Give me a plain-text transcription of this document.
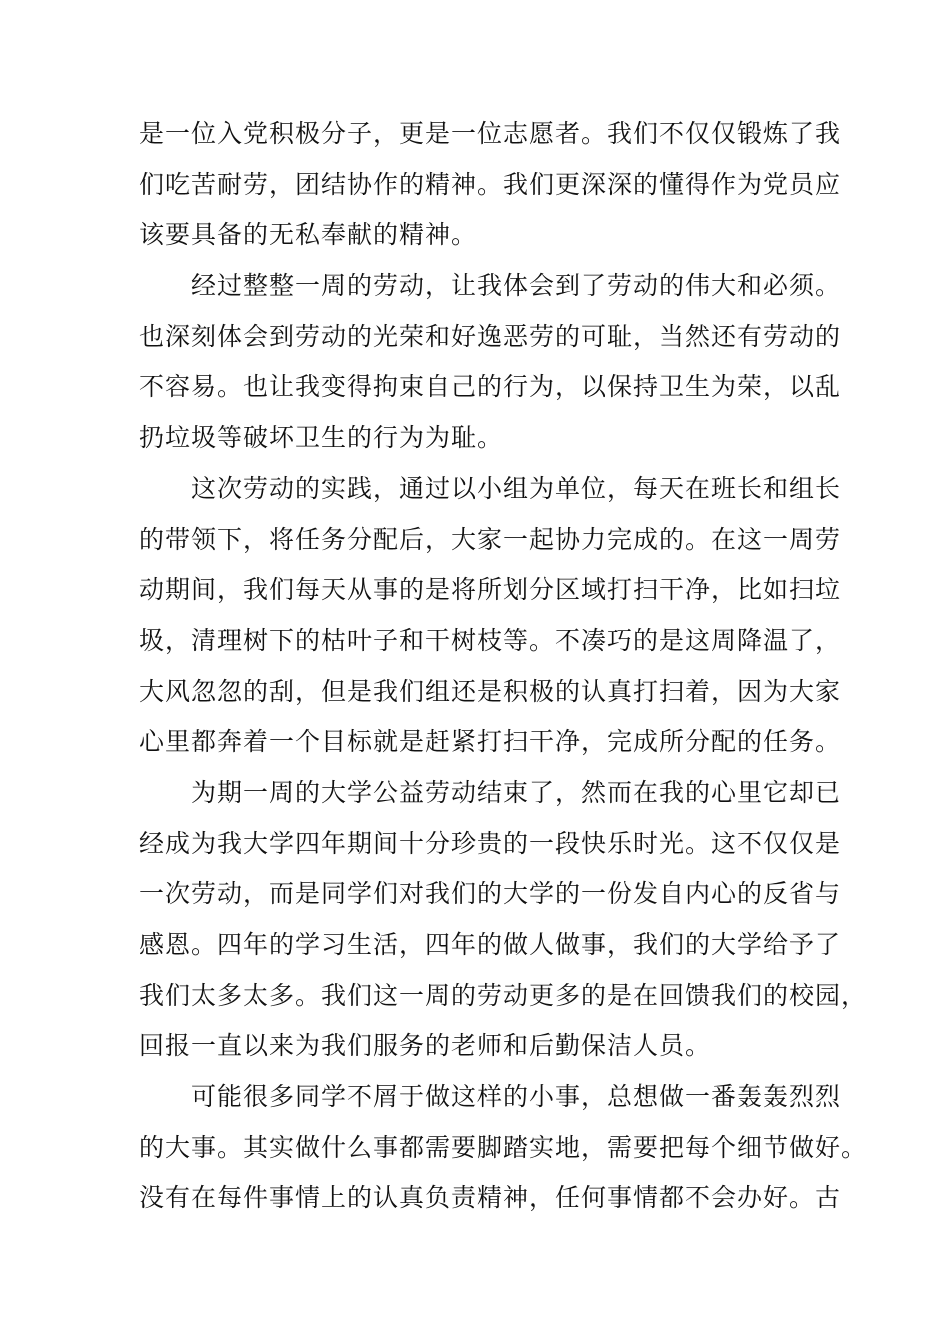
是一位入党积极分子，更是一位志愿者。我们不仅仅锻炼了我
们吃苦耐劳，团结协作的精神。我们更深深的懂得作为党员应
该要具备的无私奉献的精神。
经过整整一周的劳动，让我体会到了劳动的伟大和必须。
也深刻体会到劳动的光荣和好逸恶劳的可耻，当然还有劳动的
不容易。也让我变得拘束自己的行为，以保持卫生为荣，以乱
扔垃圾等破坏卫生的行为为耻。
这次劳动的实践，通过以小组为单位，每天在班长和组长
的带领下，将任务分配后，大家一起协力完成的。在这一周劳
动期间，我们每天从事的是将所划分区域打扫干净，比如扫垃
圾，清理树下的枯叶子和干树枝等。不凑巧的是这周降温了，
大风忽忽的刮，但是我们组还是积极的认真打扫着，因为大家
心里都奔着一个目标就是赶紧打扫干净，完成所分配的任务。
为期一周的大学公益劳动结束了，然而在我的心里它却已
经成为我大学四年期间十分珍贵的一段快乐时光。这不仅仅是
一次劳动，而是同学们对我们的大学的一份发自内心的反省与
感恩。四年的学习生活，四年的做人做事，我们的大学给予了
我们太多太多。我们这一周的劳动更多的是在回馈我们的校园，
回报一直以来为我们服务的老师和后勤保洁人员。
可能很多同学不屑于做这样的小事，总想做一番轰轰烈烈
的大事。其实做什么事都需要脚踏实地，需要把每个细节做好。
没有在每件事情上的认真负责精神，任何事情都不会办好。古
